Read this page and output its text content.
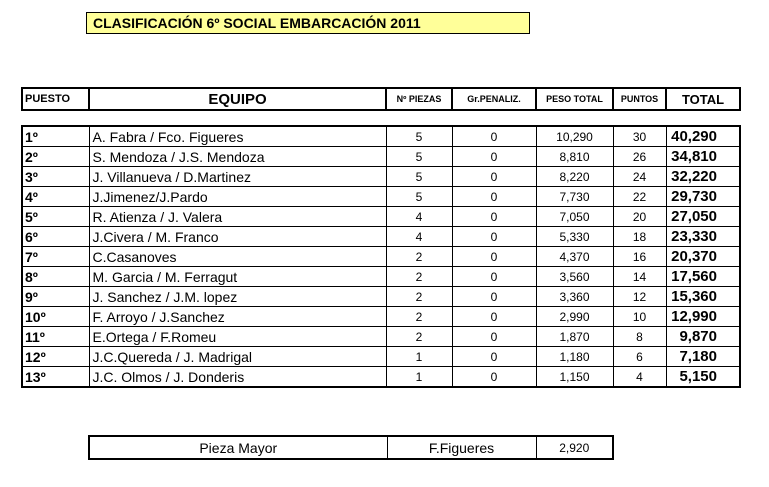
CLASIFICACIÓN 6º SOCIAL EMBARCACIÓN 2011
PUESTO	EQUIPO	Nº PIEZAS	Gr.PENALIZ.	PESO TOTAL	PUNTOS	TOTAL
1º	A. Fabra / Fco. Figueres	5	0	10,290	30	40,290
2º	S. Mendoza / J.S. Mendoza	5	0	8,810	26	34,810
3º	J. Villanueva / D.Martinez	5	0	8,220	24	32,220
4º	J.Jimenez/J.Pardo	5	0	7,730	22	29,730
5º	R. Atienza / J. Valera	4	0	7,050	20	27,050
6º	J.Civera / M. Franco	4	0	5,330	18	23,330
7º	C.Casanoves	2	0	4,370	16	20,370
8º	M. Garcia / M. Ferragut	2	0	3,560	14	17,560
9º	J. Sanchez / J.M. lopez	2	0	3,360	12	15,360
10º	F. Arroyo / J.Sanchez	2	0	2,990	10	12,990
11º	E.Ortega / F.Romeu	2	0	1,870	8	9,870
12º	J.C.Quereda / J. Madrigal	1	0	1,180	6	7,180
13º	J.C. Olmos / J. Donderis	1	0	1,150	4	5,150
Pieza Mayor	F.Figueres	2,920
